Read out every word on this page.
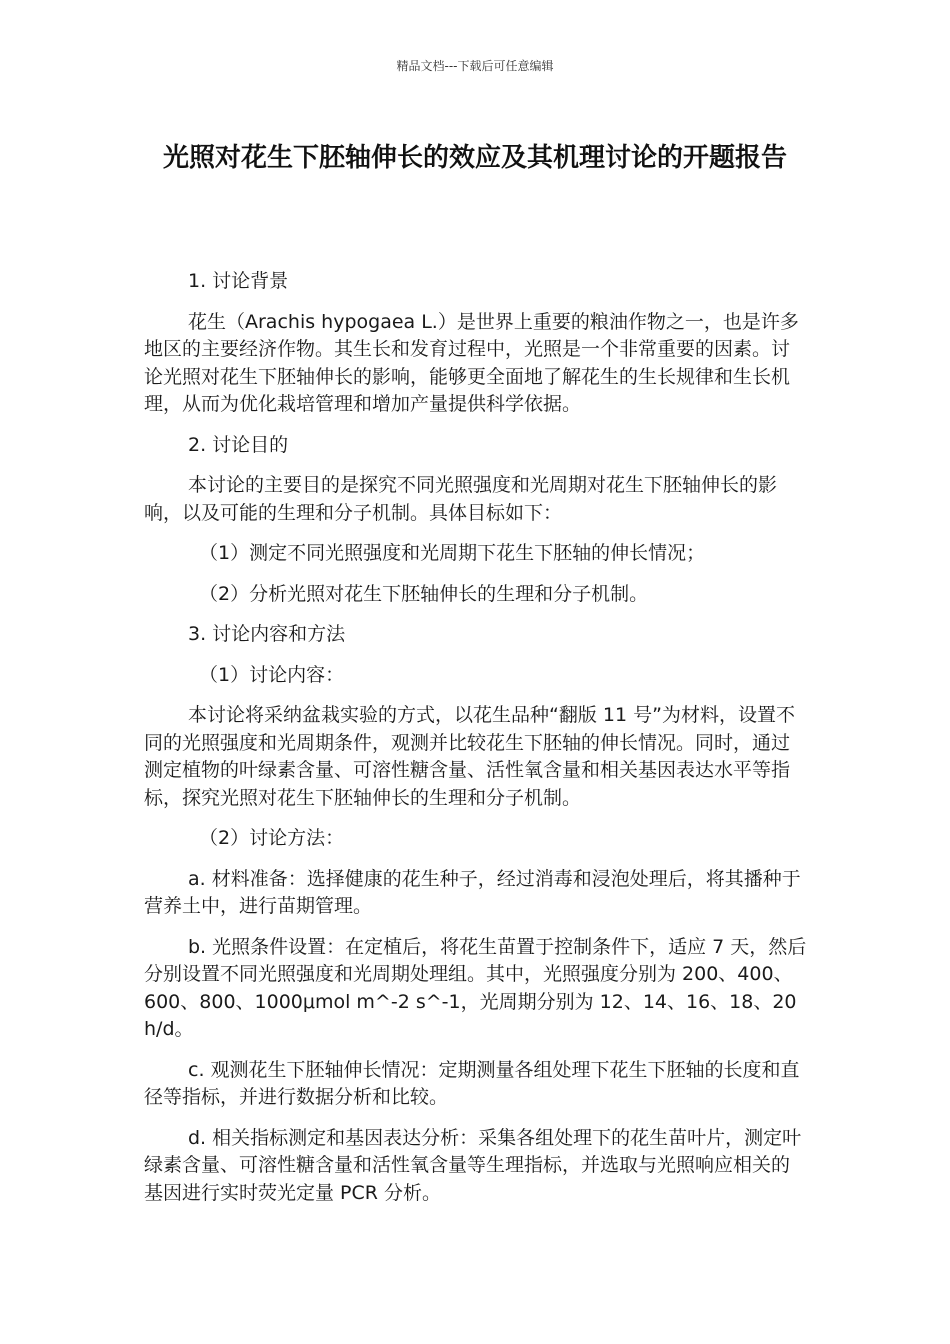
精品文档---下载后可任意编辑
光照对花生下胚轴伸长的效应及其机理讨论的开题报告

1. 讨论背景

花生（Arachis hypogaea L.）是世界上重要的粮油作物之一，也是许多地区的主要经济作物。其生长和发育过程中，光照是一个非常重要的因素。讨论光照对花生下胚轴伸长的影响，能够更全面地了解花生的生长规律和生长机理，从而为优化栽培管理和增加产量提供科学依据。

2. 讨论目的

本讨论的主要目的是探究不同光照强度和光周期对花生下胚轴伸长的影响，以及可能的生理和分子机制。具体目标如下：

（1）测定不同光照强度和光周期下花生下胚轴的伸长情况；

（2）分析光照对花生下胚轴伸长的生理和分子机制。

3. 讨论内容和方法

（1）讨论内容：

本讨论将采纳盆栽实验的方式，以花生品种“翻版 11 号”为材料，设置不同的光照强度和光周期条件，观测并比较花生下胚轴的伸长情况。同时，通过测定植物的叶绿素含量、可溶性糖含量、活性氧含量和相关基因表达水平等指标，探究光照对花生下胚轴伸长的生理和分子机制。

（2）讨论方法：

a. 材料准备：选择健康的花生种子，经过消毒和浸泡处理后，将其播种于营养土中，进行苗期管理。

b. 光照条件设置：在定植后，将花生苗置于控制条件下，适应 7 天，然后分别设置不同光照强度和光周期处理组。其中，光照强度分别为 200、400、600、800、1000μmol m^-2 s^-1，光周期分别为 12、14、16、18、20 h/d。

c. 观测花生下胚轴伸长情况：定期测量各组处理下花生下胚轴的长度和直径等指标，并进行数据分析和比较。

d. 相关指标测定和基因表达分析：采集各组处理下的花生苗叶片，测定叶绿素含量、可溶性糖含量和活性氧含量等生理指标，并选取与光照响应相关的基因进行实时荧光定量 PCR 分析。
